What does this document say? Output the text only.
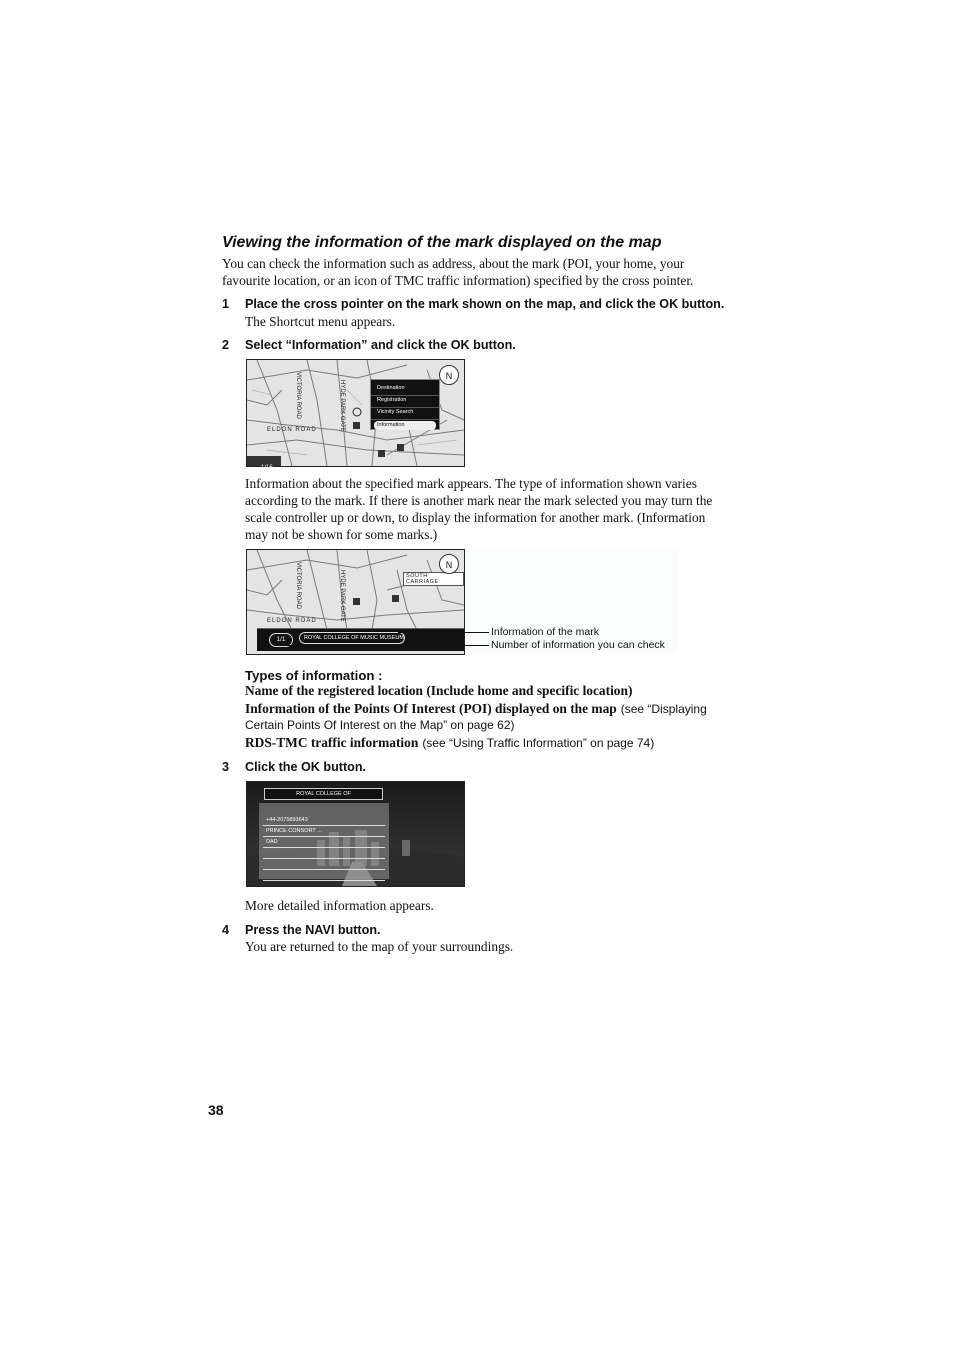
Viewing the information of the mark displayed on the map
You can check the information such as address, about the mark (POI, your home, your
favourite location, or an icon of TMC traffic information) specified by the cross pointer.
1 Place the cross pointer on the mark shown on the map, and click the OK button.
The Shortcut menu appears.
2 Select “Information” and click the OK button.
ELDON ROAD
VICTORIA ROAD	HYDE PARK GATE	Destination
Registration
Vicinity Search
Information
N
1/16
Information about the specified mark appears. The type of information shown varies
according to the mark. If there is another mark near the mark selected you may turn the
scale controller up or down, to display the information for another mark. (Information
may not be shown for some marks.)
ELDON ROAD
VICTORIA ROAD	HYDE PARK GATE	SOUTH CARRIAGE
N
1/1	ROYAL COLLEGE OF MUSIC MUSEUM	Information of the mark
Number of information you can check
Types of information :
Name of the registered location (Include home and specific location)
Information of the Points Of Interest (POI) displayed on the map (see “Displaying
Certain Points Of Interest on the Map” on page 62)
RDS-TMC traffic information (see “Using Traffic Information” on page 74)
3 Click the OK button.
ROYAL COLLEGE OF
+44-2075893643
PRINCE CONSORT ...
DAD
More detailed information appears.
4 Press the NAVI button.
You are returned to the map of your surroundings.
38
